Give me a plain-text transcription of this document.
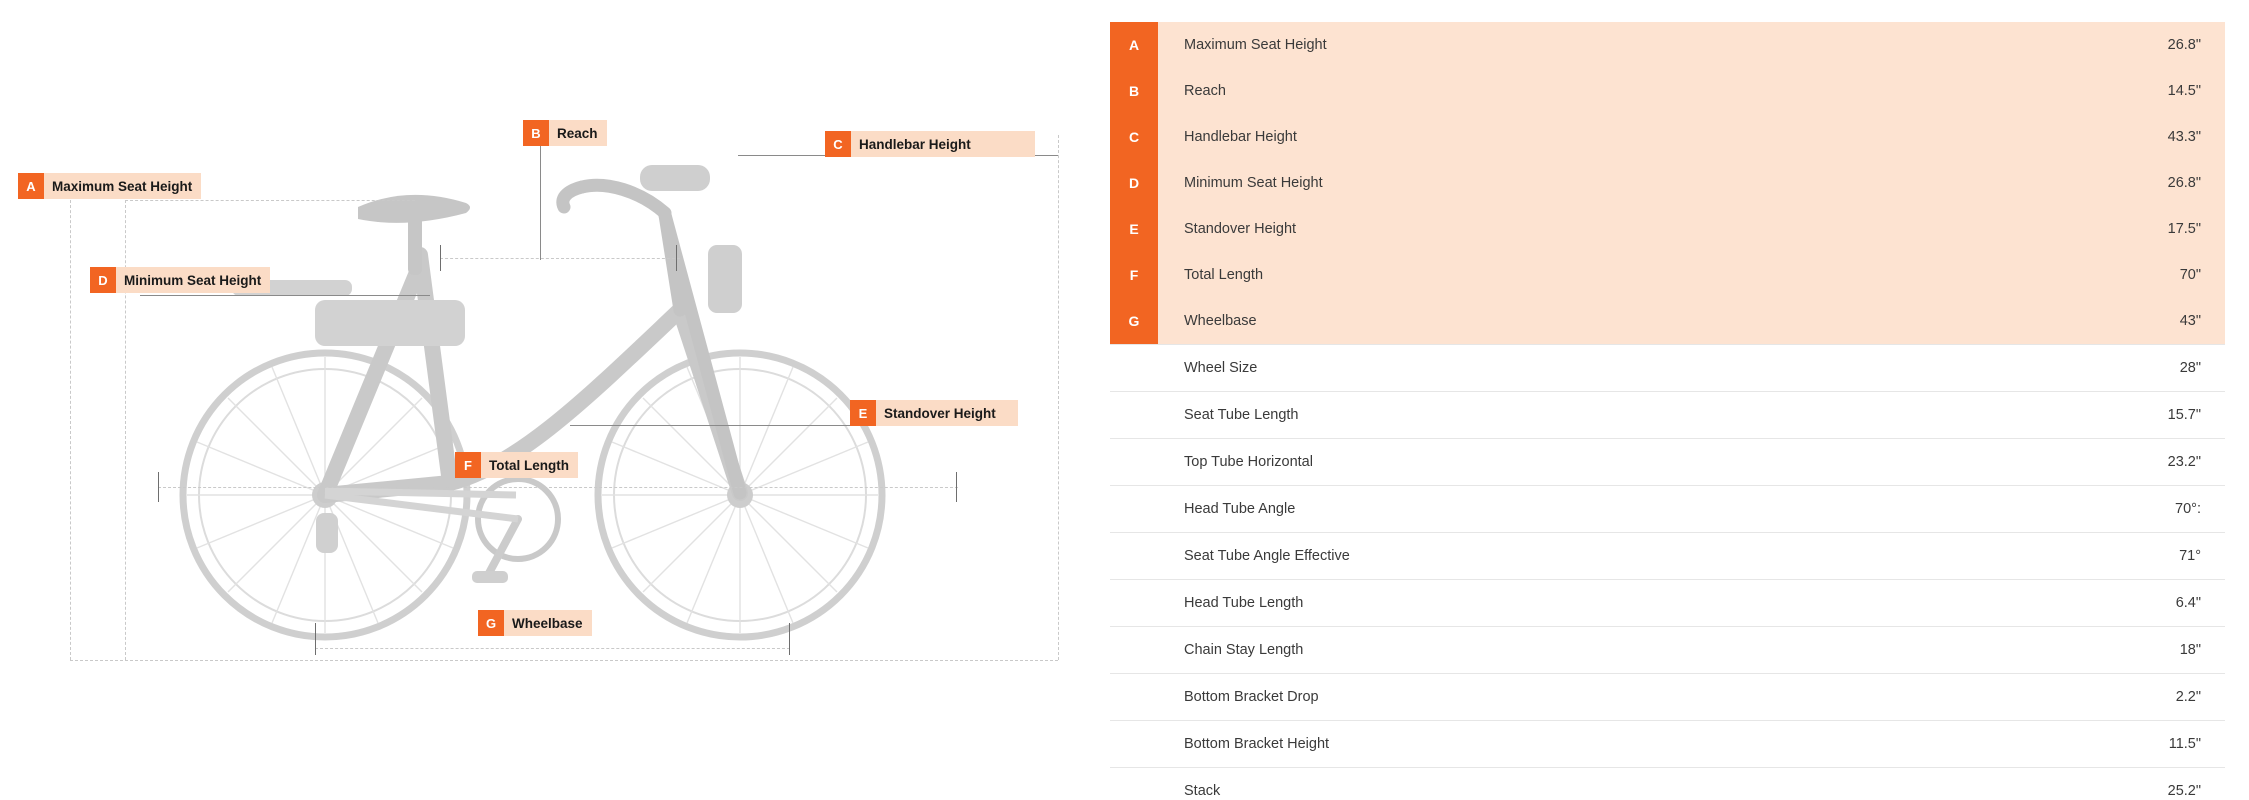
A	Maximum Seat Height
B	Reach
C	Handlebar Height
D	Minimum Seat Height
E	Standover Height
F	Total Length
G	Wheelbase
A	Maximum Seat Height	26.8"

B	Reach	14.5"

C	Handlebar Height	43.3"

D	Minimum Seat Height	26.8"

E	Standover Height	17.5"

F	Total Length	70"

G	Wheelbase	43"

	Wheel Size	28"

	Seat Tube Length	15.7"

	Top Tube Horizontal	23.2"

	Head Tube Angle	70°:

	Seat Tube Angle Effective	71°

	Head Tube Length	6.4"

	Chain Stay Length	18"

	Bottom Bracket Drop	2.2"

	Bottom Bracket Height	11.5"

	Stack	25.2"
